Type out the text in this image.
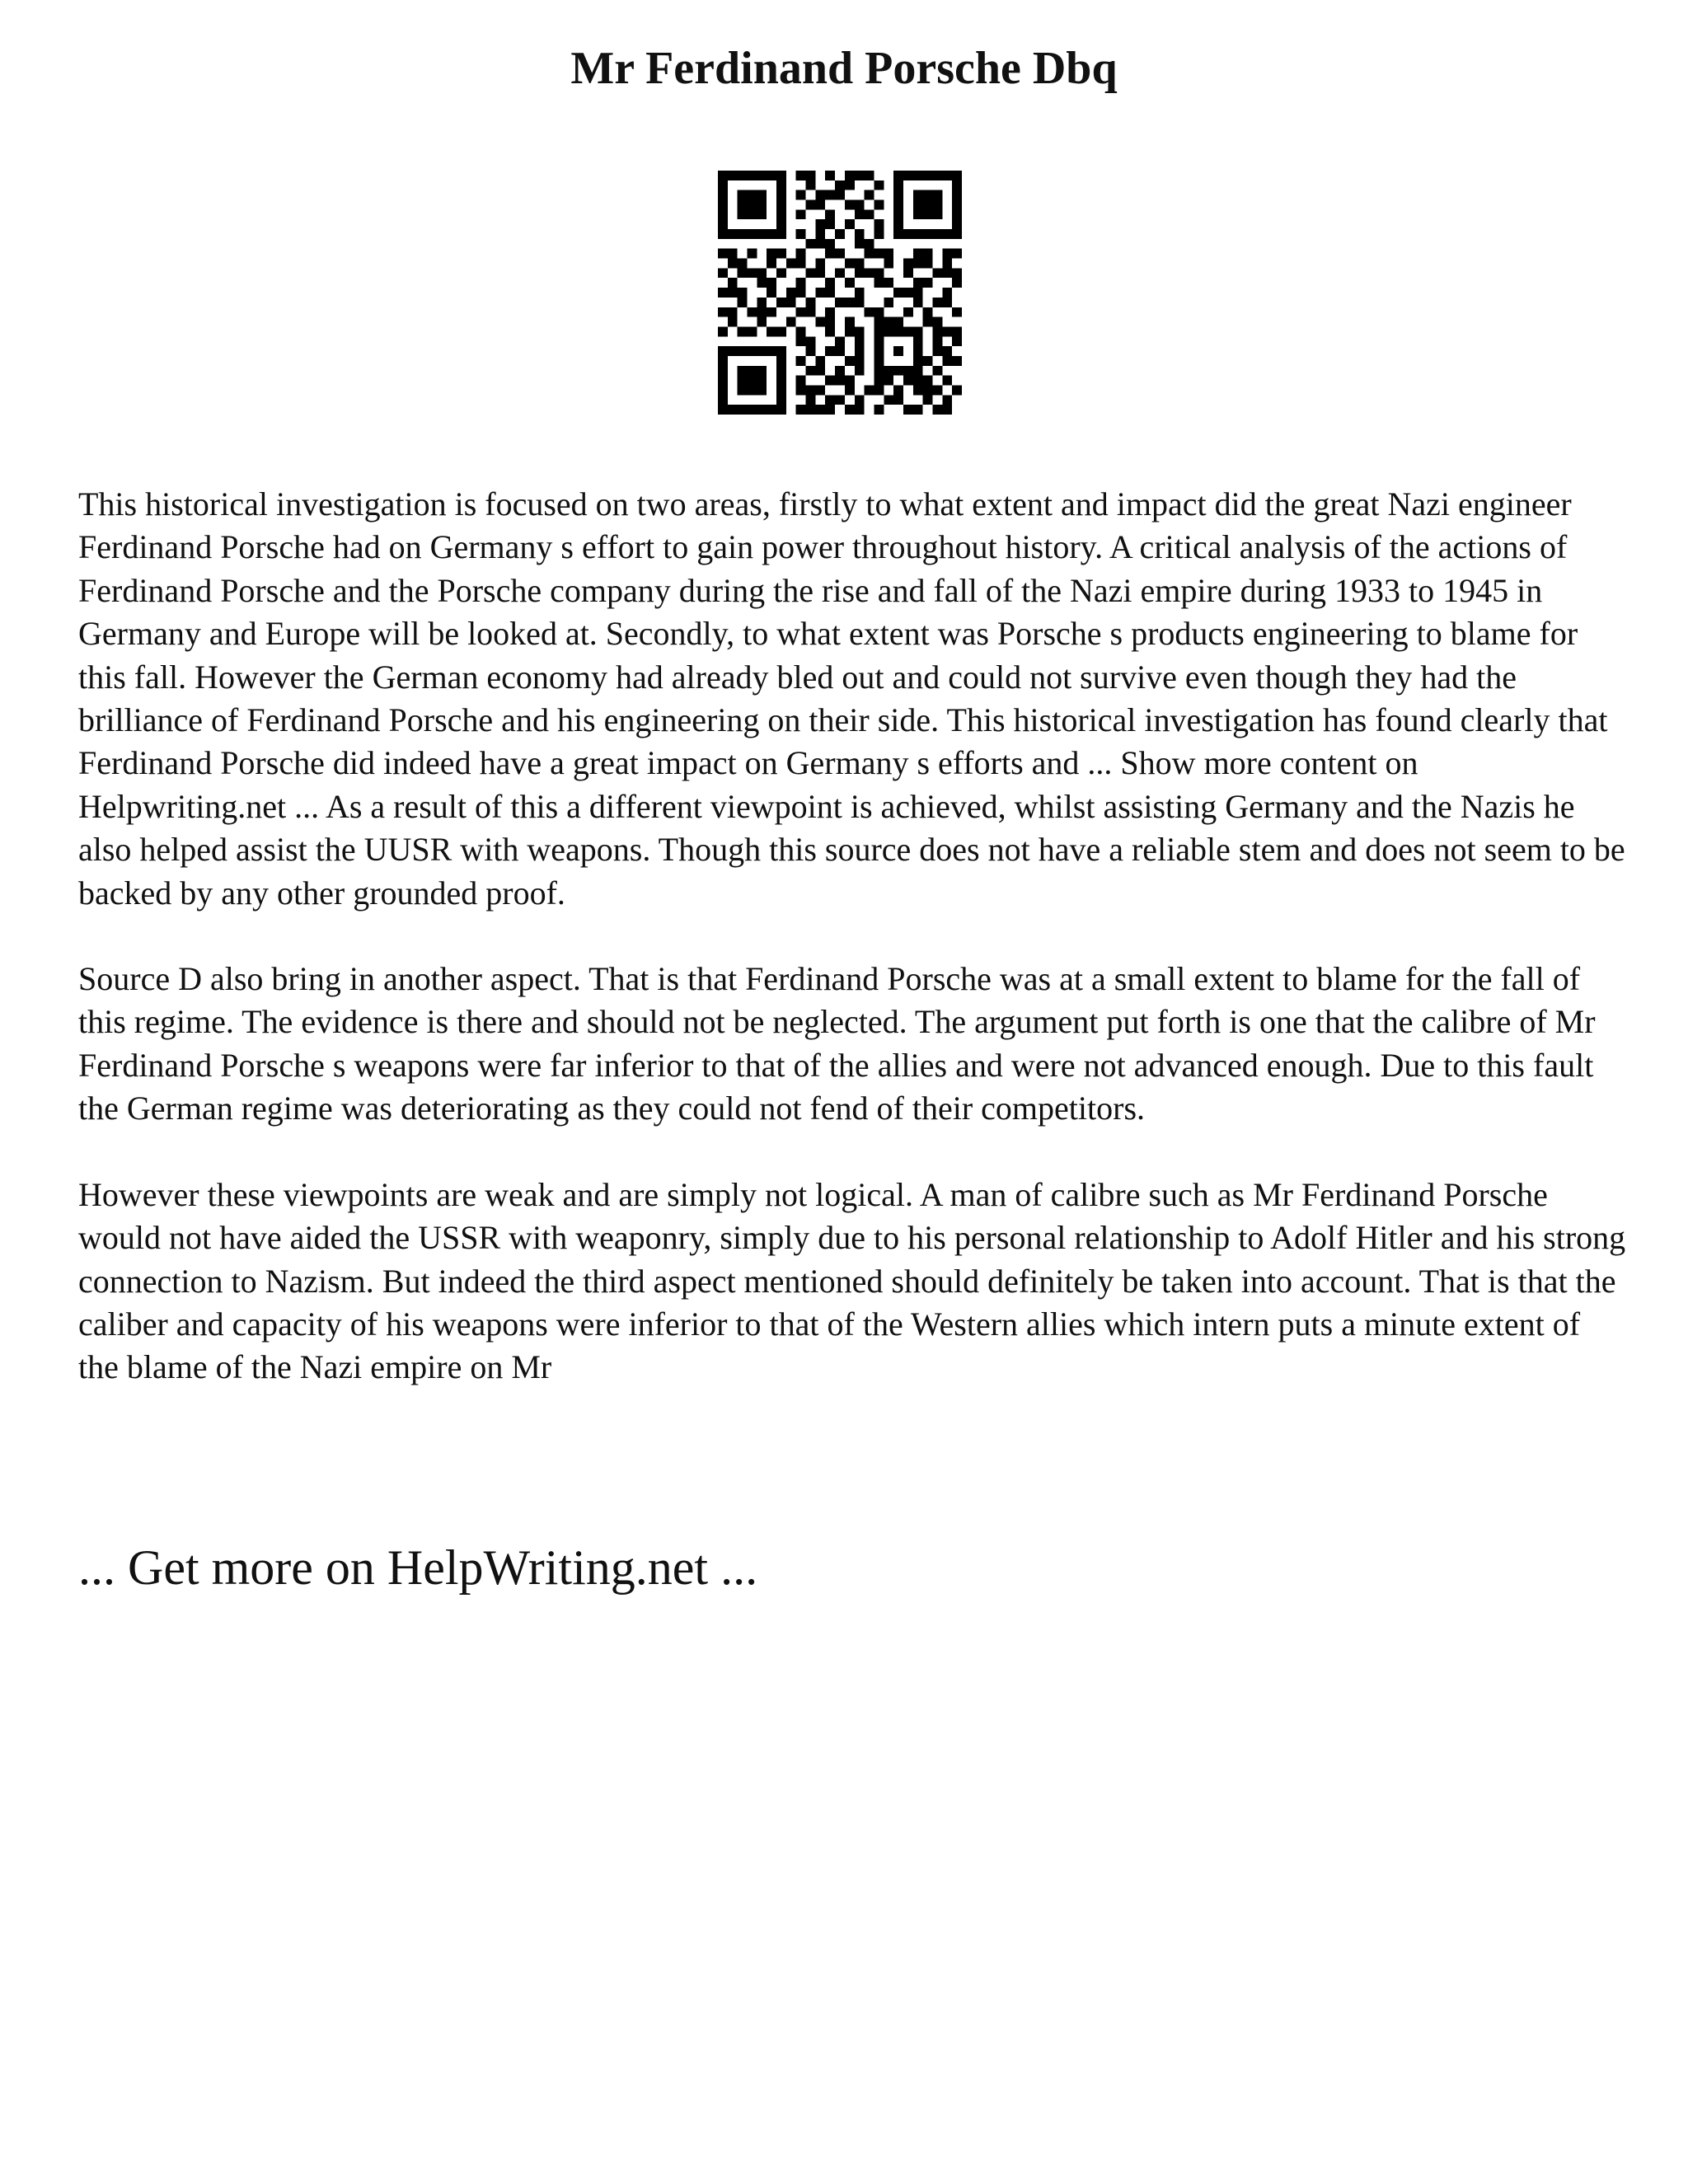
Mr Ferdinand Porsche Dbq

This historical investigation is focused on two areas, firstly to what extent and impact did the great Nazi engineer Ferdinand Porsche had on Germany s effort to gain power throughout history. A critical analysis of the actions of Ferdinand Porsche and the Porsche company during the rise and fall of the Nazi empire during 1933 to 1945 in Germany and Europe will be looked at. Secondly, to what extent was Porsche s products engineering to blame for this fall. However the German economy had already bled out and could not survive even though they had the brilliance of Ferdinand Porsche and his engineering on their side. This historical investigation has found clearly that Ferdinand Porsche did indeed have a great impact on Germany s efforts and ... Show more content on Helpwriting.net ... As a result of this a different viewpoint is achieved, whilst assisting Germany and the Nazis he also helped assist the UUSR with weapons. Though this source does not have a reliable stem and does not seem to be backed by any other grounded proof.

Source D also bring in another aspect. That is that Ferdinand Porsche was at a small extent to blame for the fall of this regime. The evidence is there and should not be neglected. The argument put forth is one that the calibre of Mr Ferdinand Porsche s weapons were far inferior to that of the allies and were not advanced enough. Due to this fault the German regime was deteriorating as they could not fend of their competitors.

However these viewpoints are weak and are simply not logical. A man of calibre such as Mr Ferdinand Porsche would not have aided the USSR with weaponry, simply due to his personal relationship to Adolf Hitler and his strong connection to Nazism. But indeed the third aspect mentioned should definitely be taken into account. That is that the caliber and capacity of his weapons were inferior to that of the Western allies which intern puts a minute extent of the blame of the Nazi empire on Mr

... Get more on HelpWriting.net ...
